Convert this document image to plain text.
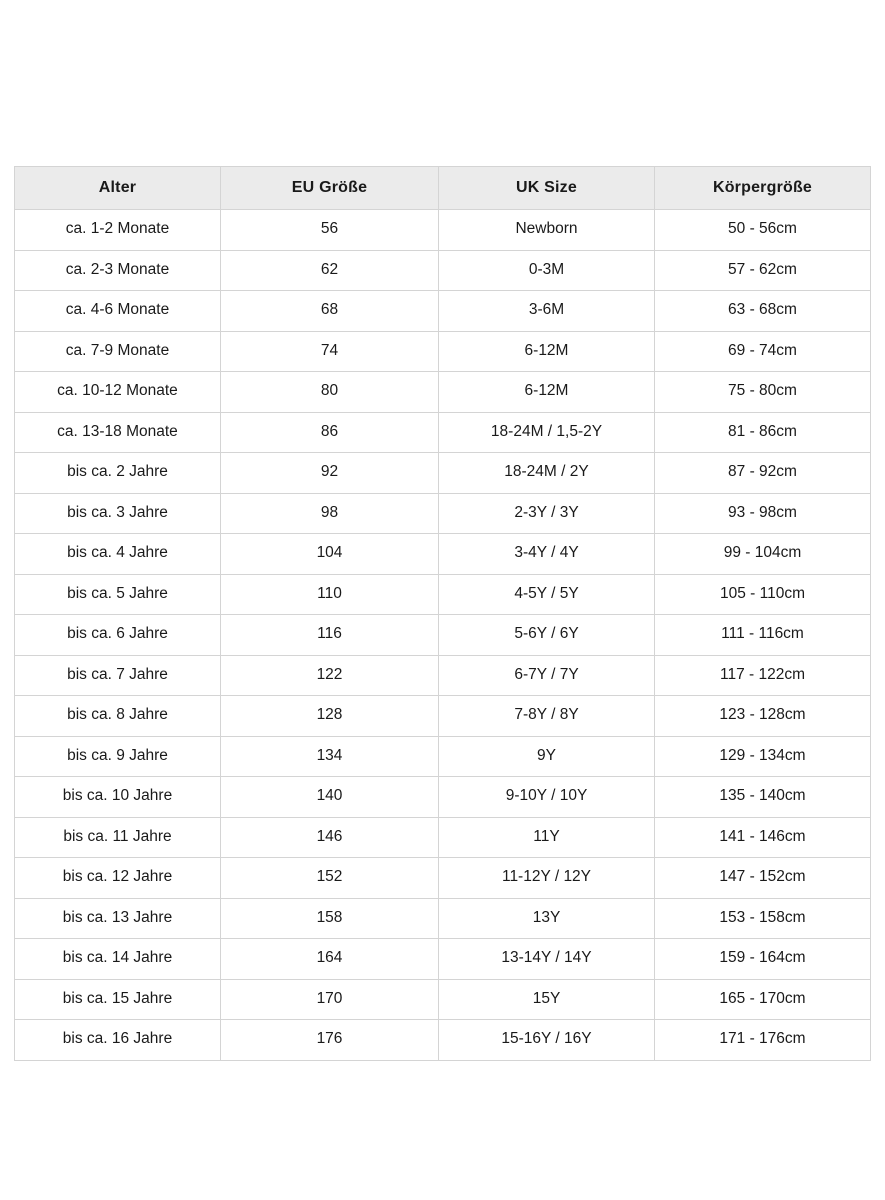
Alter	EU Größe	UK Size	Körpergröße
ca. 1-2 Monate	56	Newborn	50 - 56cm
ca. 2-3 Monate	62	0-3M	57 - 62cm
ca. 4-6 Monate	68	3-6M	63 - 68cm
ca. 7-9 Monate	74	6-12M	69 - 74cm
ca. 10-12 Monate	80	6-12M	75 - 80cm
ca. 13-18 Monate	86	18-24M / 1,5-2Y	81 - 86cm
bis ca. 2 Jahre	92	18-24M / 2Y	87 - 92cm
bis ca. 3 Jahre	98	2-3Y / 3Y	93 - 98cm
bis ca. 4 Jahre	104	3-4Y / 4Y	99 - 104cm
bis ca. 5 Jahre	110	4-5Y / 5Y	105 - 110cm
bis ca. 6 Jahre	116	5-6Y / 6Y	111 - 116cm
bis ca. 7 Jahre	122	6-7Y / 7Y	117 - 122cm
bis ca. 8 Jahre	128	7-8Y / 8Y	123 - 128cm
bis ca. 9 Jahre	134	9Y	129 - 134cm
bis ca. 10 Jahre	140	9-10Y / 10Y	135 - 140cm
bis ca. 11 Jahre	146	11Y	141 - 146cm
bis ca. 12 Jahre	152	11-12Y / 12Y	147 - 152cm
bis ca. 13 Jahre	158	13Y	153 - 158cm
bis ca. 14 Jahre	164	13-14Y / 14Y	159 - 164cm
bis ca. 15 Jahre	170	15Y	165 - 170cm
bis ca. 16 Jahre	176	15-16Y / 16Y	171 - 176cm
